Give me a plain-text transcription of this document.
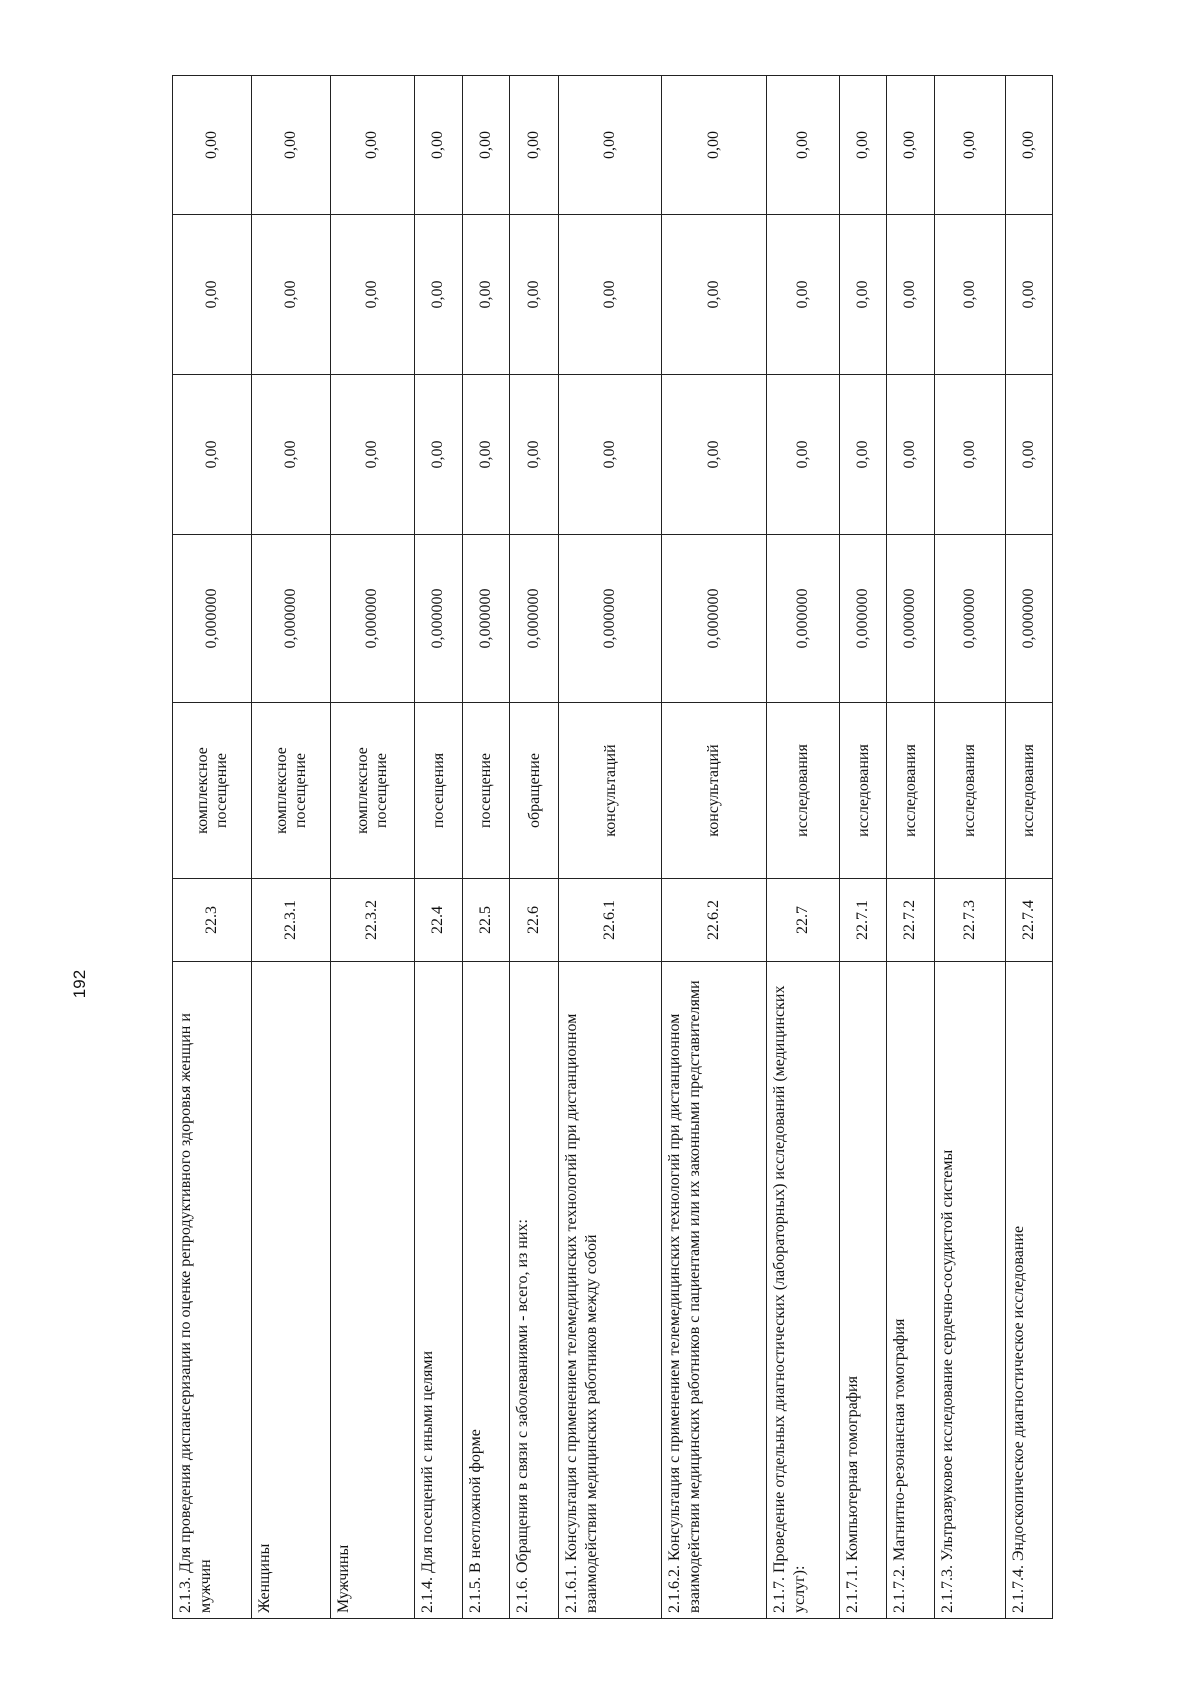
192
2.1.3. Для проведения диспансеризации по оценке репродуктивного здоровья женщин и мужчин	22.3	комплексное посещение	0,000000	0,00	0,00	0,00
Женщины	22.3.1	комплексное посещение	0,000000	0,00	0,00	0,00
Мужчины	22.3.2	комплексное посещение	0,000000	0,00	0,00	0,00
2.1.4. Для посещений с иными целями	22.4	посещения	0,000000	0,00	0,00	0,00
2.1.5. В неотложной форме	22.5	посещение	0,000000	0,00	0,00	0,00
2.1.6. Обращения в связи с заболеваниями - всего, из них:	22.6	обращение	0,000000	0,00	0,00	0,00
2.1.6.1. Консультация с применением телемедицинских технологий при дистанционном взаимодействии медицинских работников между собой	22.6.1	консультаций	0,000000	0,00	0,00	0,00
2.1.6.2. Консультация с применением телемедицинских технологий при дистанционном взаимодействии медицинских работников с пациентами или их законными представителями	22.6.2	консультаций	0,000000	0,00	0,00	0,00
2.1.7. Проведение отдельных диагностических (лабораторных) исследований (медицинских услуг):	22.7	исследования	0,000000	0,00	0,00	0,00
2.1.7.1. Компьютерная томография	22.7.1	исследования	0,000000	0,00	0,00	0,00
2.1.7.2. Магнитно-резонансная томография	22.7.2	исследования	0,000000	0,00	0,00	0,00
2.1.7.3. Ультразвуковое исследование сердечно-сосудистой системы	22.7.3	исследования	0,000000	0,00	0,00	0,00
2.1.7.4. Эндоскопическое диагностическое исследование	22.7.4	исследования	0,000000	0,00	0,00	0,00
